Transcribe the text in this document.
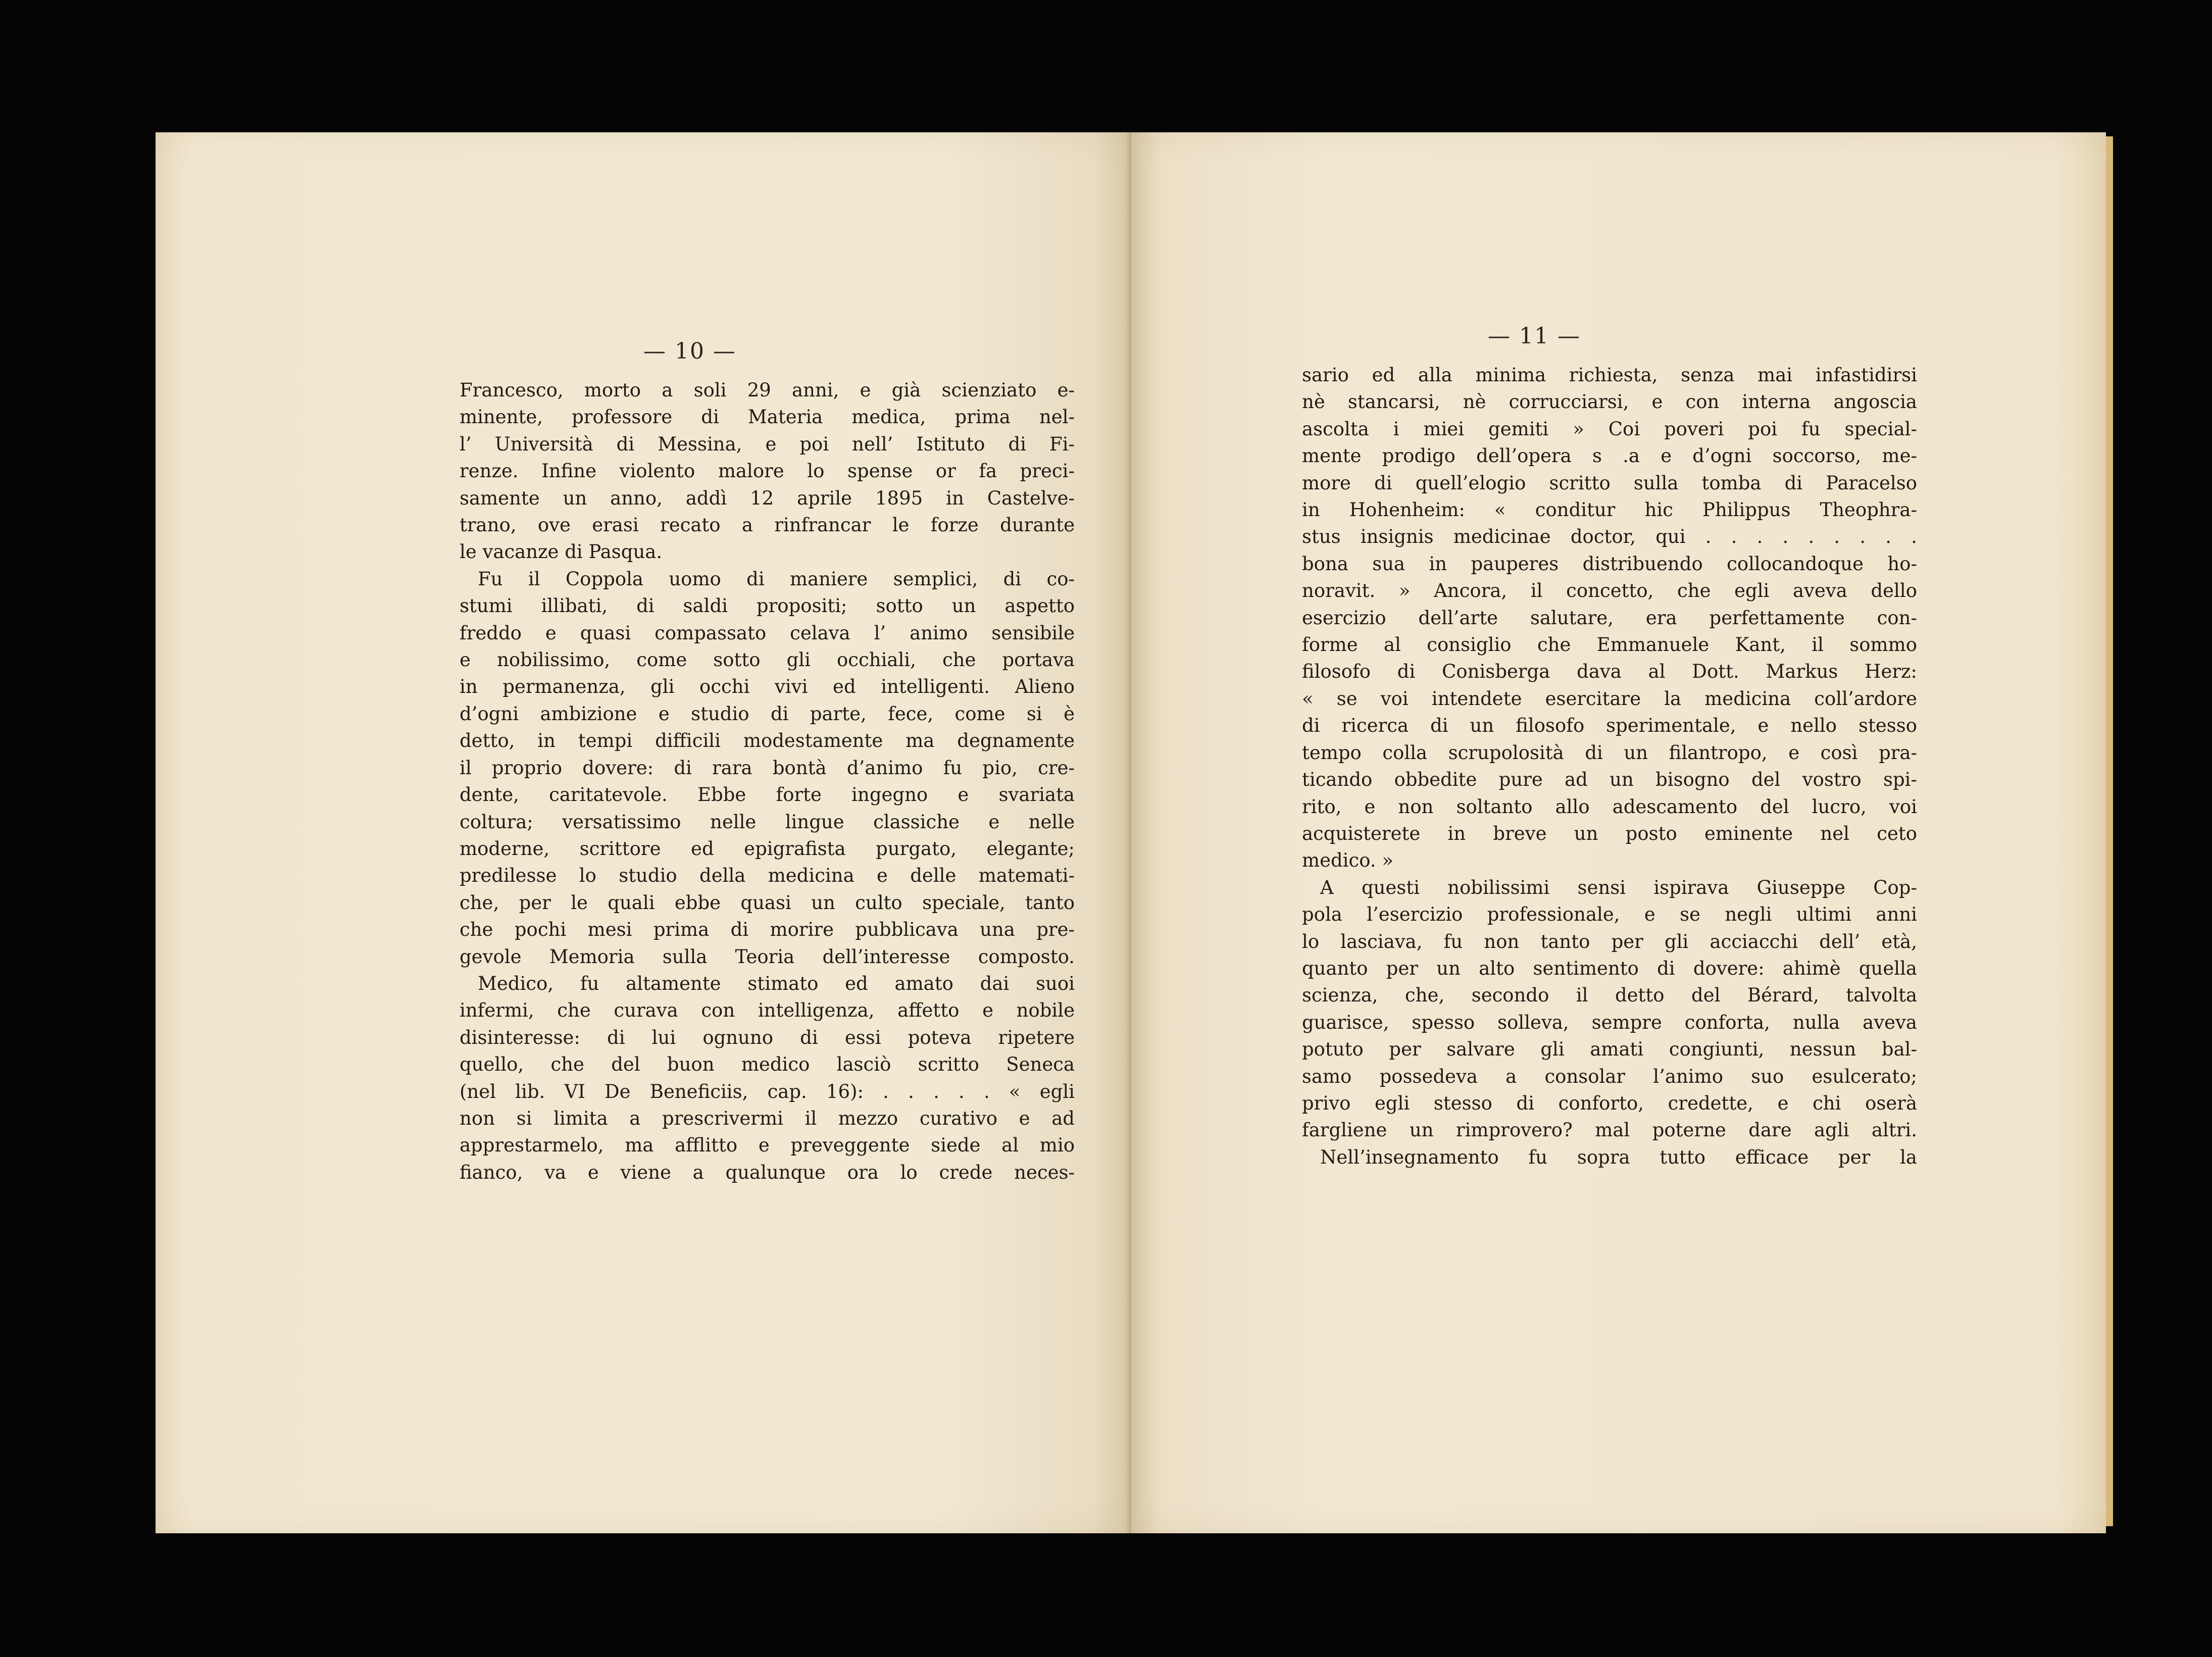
— 10 —
Francesco, morto a soli 29 anni, e già scienziato e-
minente, professore di Materia medica, prima nel-
l’ Università di Messina, e poi nell’ Istituto di Fi-
renze. Infine violento malore lo spense or fa preci-
samente un anno, addì 12 aprile 1895 in Castelve-
trano, ove erasi recato a rinfrancar le forze durante
le vacanze di Pasqua.
Fu il Coppola uomo di maniere semplici, di co-
stumi illibati, di saldi propositi; sotto un aspetto
freddo e quasi compassato celava l’ animo sensibile
e nobilissimo, come sotto gli occhiali, che portava
in permanenza, gli occhi vivi ed intelligenti. Alieno
d’ogni ambizione e studio di parte, fece, come si è
detto, in tempi difficili modestamente ma degnamente
il proprio dovere: di rara bontà d’animo fu pio, cre-
dente, caritatevole. Ebbe forte ingegno e svariata
coltura; versatissimo nelle lingue classiche e nelle
moderne, scrittore ed epigrafista purgato, elegante;
predilesse lo studio della medicina e delle matemati-
che, per le quali ebbe quasi un culto speciale, tanto
che pochi mesi prima di morire pubblicava una pre-
gevole Memoria sulla Teoria dell’interesse composto.
Medico, fu altamente stimato ed amato dai suoi
infermi, che curava con intelligenza, affetto e nobile
disinteresse: di lui ognuno di essi poteva ripetere
quello, che del buon medico lasciò scritto Seneca
(nel lib. VI De Beneficiis, cap. 16): . . . . . « egli
non si limita a prescrivermi il mezzo curativo e ad
apprestarmelo, ma afflitto e preveggente siede al mio
fianco, va e viene a qualunque ora lo crede neces-
— 11 —
sario ed alla minima richiesta, senza mai infastidirsi
nè stancarsi, nè corrucciarsi, e con interna angoscia
ascolta i miei gemiti » Coi poveri poi fu special-
mente prodigo dell’opera s .a e d’ogni soccorso, me-
more di quell’elogio scritto sulla tomba di Paracelso
in Hohenheim: « conditur hic Philippus Theophra-
stus insignis medicinae doctor, qui . . . . . . . . .
bona sua in pauperes distribuendo collocandoque ho-
noravit. » Ancora, il concetto, che egli aveva dello
esercizio dell’arte salutare, era perfettamente con-
forme al consiglio che Emmanuele Kant, il sommo
filosofo di Conisberga dava al Dott. Markus Herz:
« se voi intendete esercitare la medicina coll’ardore
di ricerca di un filosofo sperimentale, e nello stesso
tempo colla scrupolosità di un filantropo, e così pra-
ticando obbedite pure ad un bisogno del vostro spi-
rito, e non soltanto allo adescamento del lucro, voi
acquisterete in breve un posto eminente nel ceto
medico. »
A questi nobilissimi sensi ispirava Giuseppe Cop-
pola l’esercizio professionale, e se negli ultimi anni
lo lasciava, fu non tanto per gli acciacchi dell’ età,
quanto per un alto sentimento di dovere: ahimè quella
scienza, che, secondo il detto del Bérard, talvolta
guarisce, spesso solleva, sempre conforta, nulla aveva
potuto per salvare gli amati congiunti, nessun bal-
samo possedeva a consolar l’animo suo esulcerato;
privo egli stesso di conforto, credette, e chi oserà
fargliene un rimprovero? mal poterne dare agli altri.
Nell’insegnamento fu sopra tutto efficace per la
